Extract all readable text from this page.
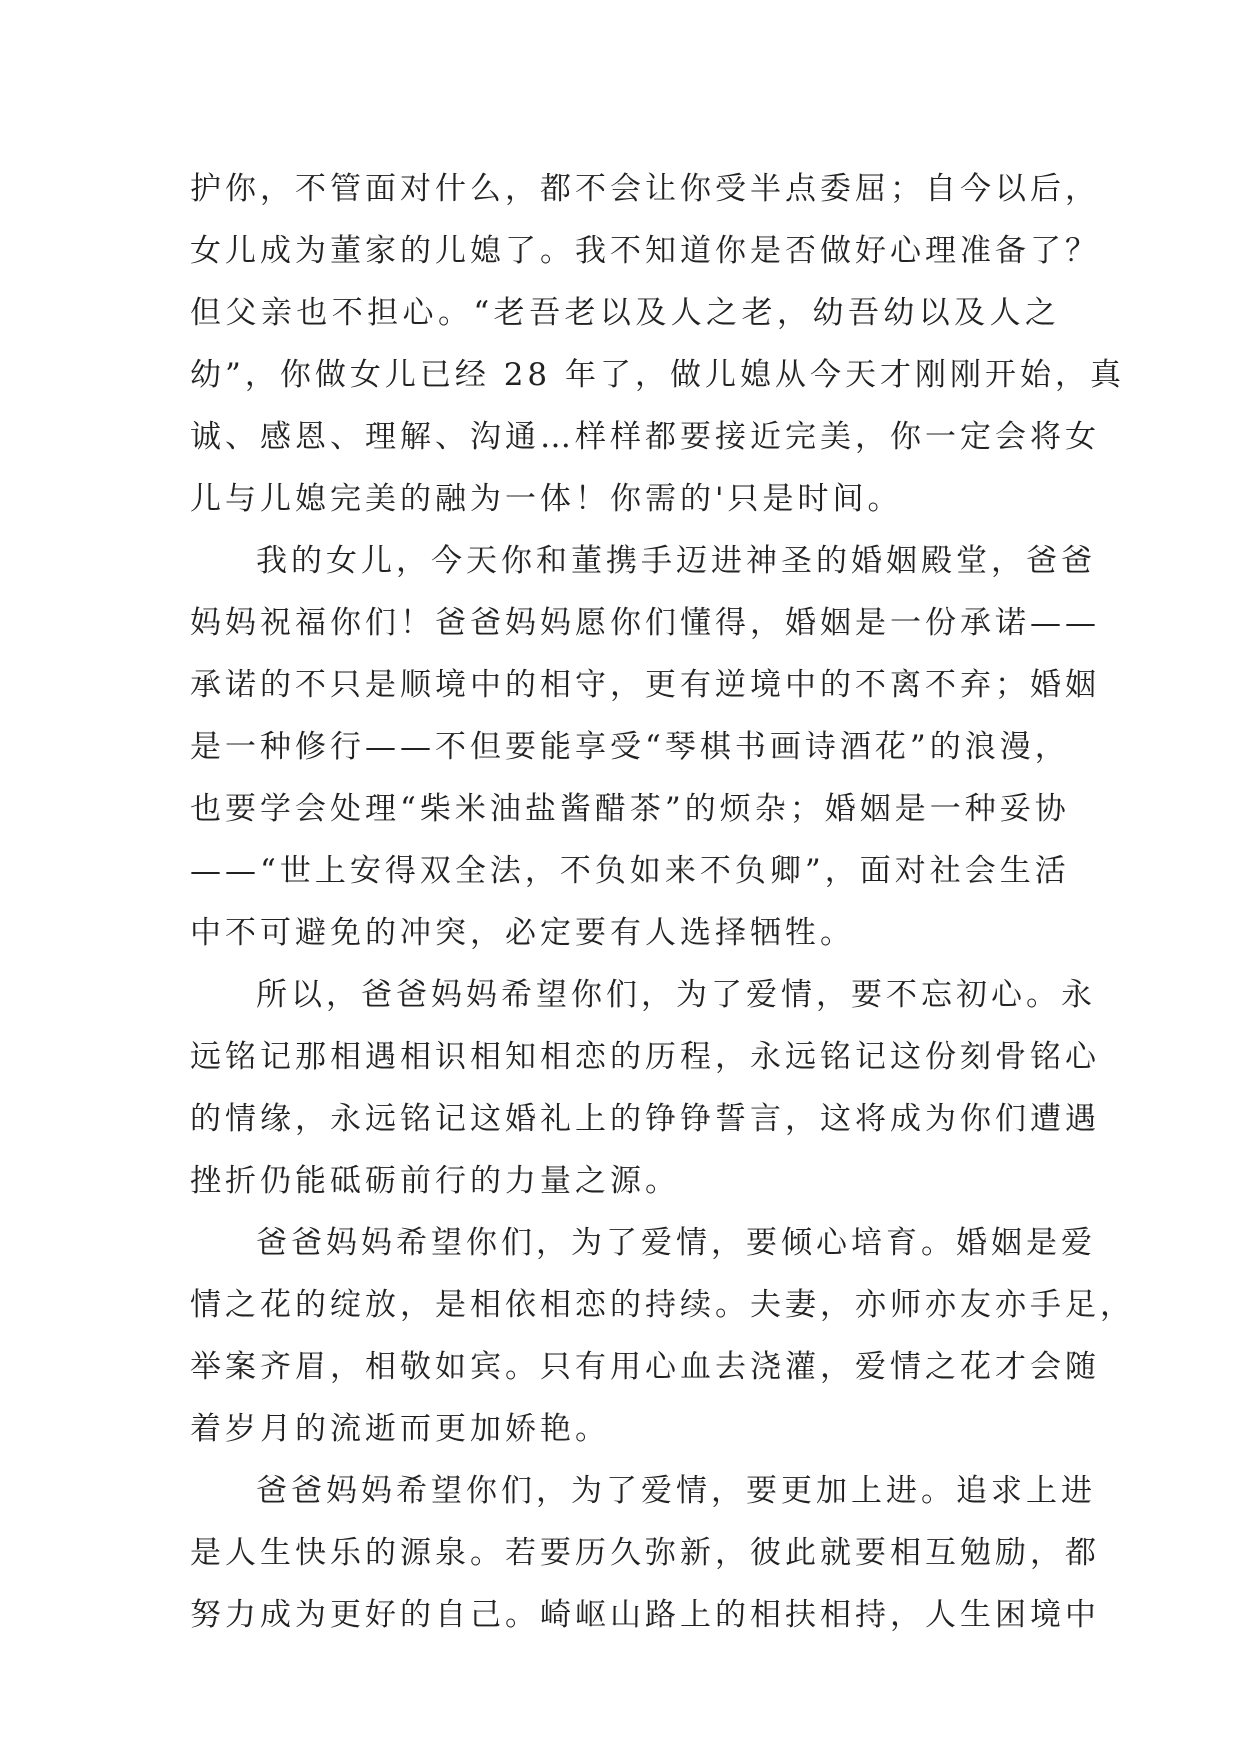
护你，不管面对什么，都不会让你受半点委屈；自今以后，
女儿成为董家的儿媳了。我不知道你是否做好心理准备了？
但父亲也不担心。“老吾老以及人之老，幼吾幼以及人之
幼”，你做女儿已经 28 年了，做儿媳从今天才刚刚开始，真
诚、感恩、理解、沟通…样样都要接近完美，你一定会将女
儿与儿媳完美的融为一体！你需的'只是时间。
我的女儿，今天你和董携手迈进神圣的婚姻殿堂，爸爸
妈妈祝福你们！爸爸妈妈愿你们懂得，婚姻是一份承诺——
承诺的不只是顺境中的相守，更有逆境中的不离不弃；婚姻
是一种修行——不但要能享受“琴棋书画诗酒花”的浪漫，
也要学会处理“柴米油盐酱醋茶”的烦杂；婚姻是一种妥协
——“世上安得双全法，不负如来不负卿”，面对社会生活
中不可避免的冲突，必定要有人选择牺牲。
所以，爸爸妈妈希望你们，为了爱情，要不忘初心。永
远铭记那相遇相识相知相恋的历程，永远铭记这份刻骨铭心
的情缘，永远铭记这婚礼上的铮铮誓言，这将成为你们遭遇
挫折仍能砥砺前行的力量之源。
爸爸妈妈希望你们，为了爱情，要倾心培育。婚姻是爱
情之花的绽放，是相依相恋的持续。夫妻，亦师亦友亦手足，
举案齐眉，相敬如宾。只有用心血去浇灌，爱情之花才会随
着岁月的流逝而更加娇艳。
爸爸妈妈希望你们，为了爱情，要更加上进。追求上进
是人生快乐的源泉。若要历久弥新，彼此就要相互勉励，都
努力成为更好的自己。崎岖山路上的相扶相持，人生困境中
